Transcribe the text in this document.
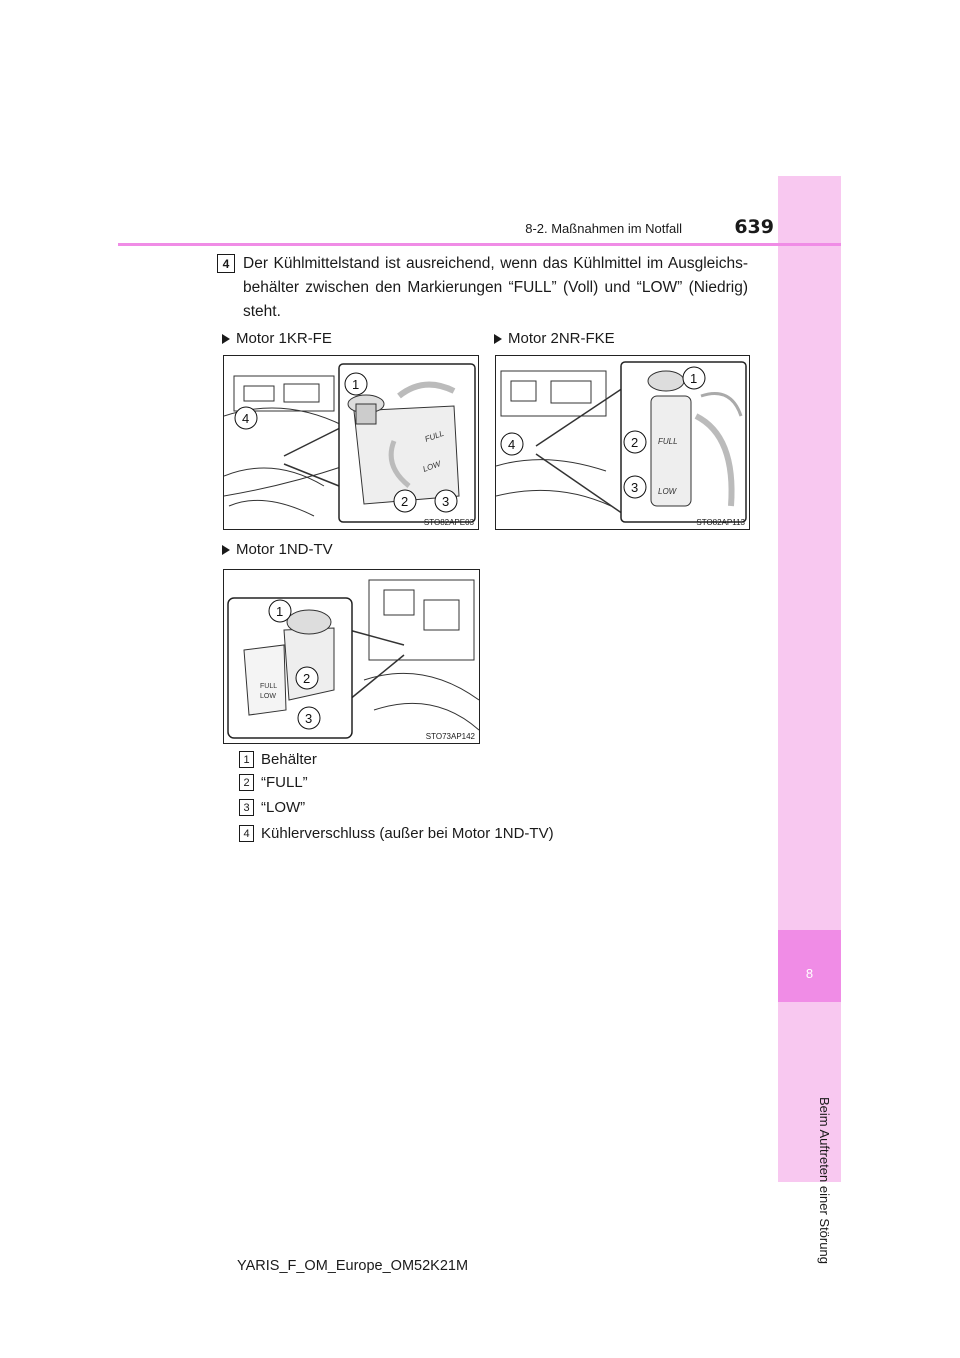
8
Beim Auftreten einer Störung
8-2. Maßnahmen im Notfall	639
4 Der Kühlmittelstand ist ausreichend, wenn das Kühlmittel im Ausgleichs-behälter zwischen den Markierungen “FULL” (Voll) und “LOW” (Niedrig) steht.
Motor 1KR-FE	Motor 2NR-FKE
FULL
LOW
1
4
2	3
STO82APE03
FULL
LOW
1
2
4
3
STO82AP113
Motor 1ND-TV
FULL
LOW
1
2
3
STO73AP142
1 Behälter
2 “FULL”
3 “LOW”
4 Kühlerverschluss (außer bei Motor 1ND-TV)
YARIS_F_OM_Europe_OM52K21M
